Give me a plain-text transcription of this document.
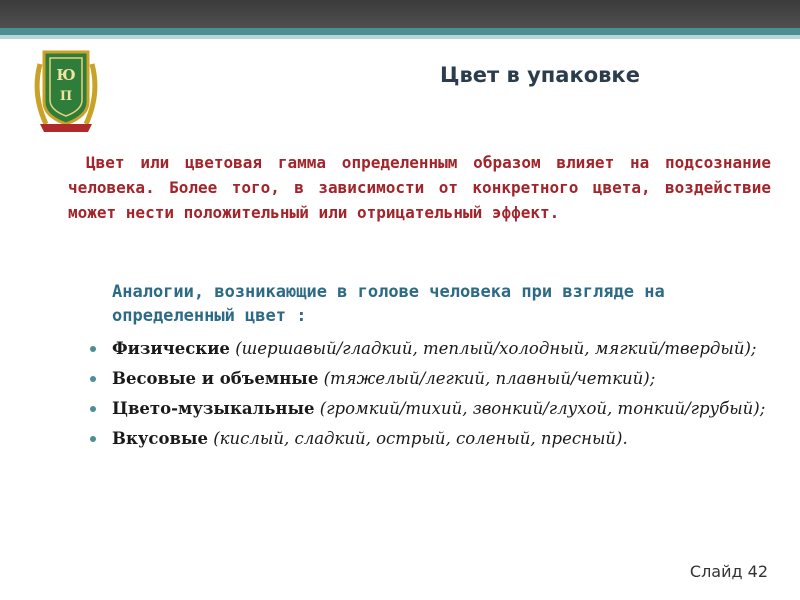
Ю
П
Цвет в упаковке

Цвет или цветовая гамма определенным образом влияет на подсознание человека. Более того, в зависимости от конкретного цвета, воздействие может нести положительный или отрицательный эффект.

Аналогии, возникающие в голове человека при взгляде на определенный цвет :

Физические (шершавый/гладкий, теплый/холодный, мягкий/твердый);
Весовые и объемные (тяжелый/легкий, плавный/четкий);
Цвето-музыкальные (громкий/тихий, звонкий/глухой, тонкий/грубый);
Вкусовые (кислый, сладкий, острый, соленый, пресный).
Слайд 42
